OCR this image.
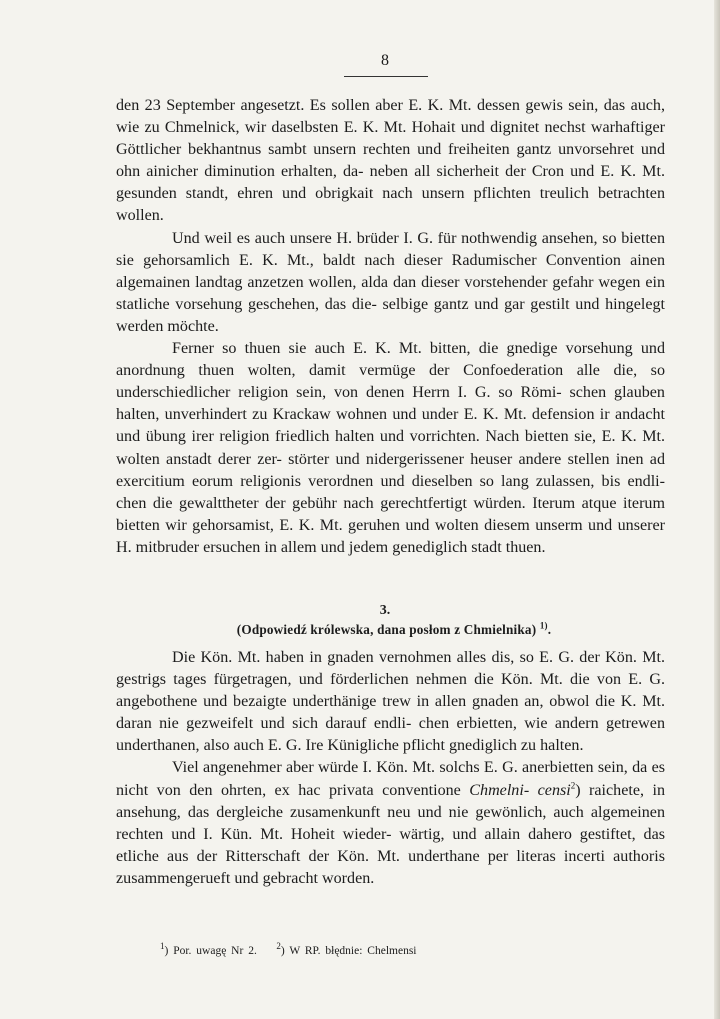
8

den 23 September angesetzt. Es sollen aber E. K. Mt. dessen gewis sein, das auch, wie zu Chmelnick, wir daselbsten E. K. Mt. Hohait und dignitet nechst warhaftiger Göttlicher bekhantnus sambt unsern rechten und freiheiten gantz unvorsehret und ohn ainicher diminution erhalten, da- neben all sicherheit der Cron und E. K. Mt. gesunden standt, ehren und obrigkait nach unsern pflichten treulich betrachten wollen.

Und weil es auch unsere H. brüder I. G. für nothwendig ansehen, so bietten sie gehorsamlich E. K. Mt., baldt nach dieser Radumischer Convention ainen algemainen landtag anzetzen wollen, alda dan dieser vorstehender gefahr wegen ein statliche vorsehung geschehen, das die- selbige gantz und gar gestilt und hingelegt werden möchte.

Ferner so thuen sie auch E. K. Mt. bitten, die gnedige vorsehung und anordnung thuen wolten, damit vermüge der Confoederation alle die, so underschiedlicher religion sein, von denen Herrn I. G. so Römi- schen glauben halten, unverhindert zu Krackaw wohnen und under E. K. Mt. defension ir andacht und übung irer religion friedlich halten und vorrichten. Nach bietten sie, E. K. Mt. wolten anstadt derer zer- störter und nidergerissener heuser andere stellen inen ad exercitium eorum religionis verordnen und dieselben so lang zulassen, bis endli- chen die gewalttheter der gebühr nach gerechtfertigt würden. Iterum atque iterum bietten wir gehorsamist, E. K. Mt. geruhen und wolten diesem unserm und unserer H. mitbruder ersuchen in allem und jedem genediglich stadt thuen.

3.
(Odpowiedź królewska, dana posłom z Chmielnika) $^{1)}$.

Die Kön. Mt. haben in gnaden vernohmen alles dis, so E. G. der Kön. Mt. gestrigs tages fürgetragen, und förderlichen nehmen die Kön. Mt. die von E. G. angebothene und bezaigte underthänige trew in allen gnaden an, obwol die K. Mt. daran nie gezweifelt und sich darauf endli- chen erbietten, wie andern getrewen underthanen, also auch E. G. Ire Künigliche pflicht gnediglich zu halten.

Viel angenehmer aber würde I. Kön. Mt. solchs E. G. anerbietten sein, da es nicht von den ohrten, ex hac privata conventione Chmelni- censi$^2$) raichete, in ansehung, das dergleiche zusamenkunft neu und nie gewönlich, auch algemeinen rechten und I. Kün. Mt. Hoheit wieder- wärtig, und allain dahero gestiftet, das etliche aus der Ritterschaft der Kön. Mt. underthane per literas incerti authoris zusammengerueft und gebracht worden.

$^1$) Por. uwagę Nr 2. $^2$) W RP. błędnie: Chelmensi
